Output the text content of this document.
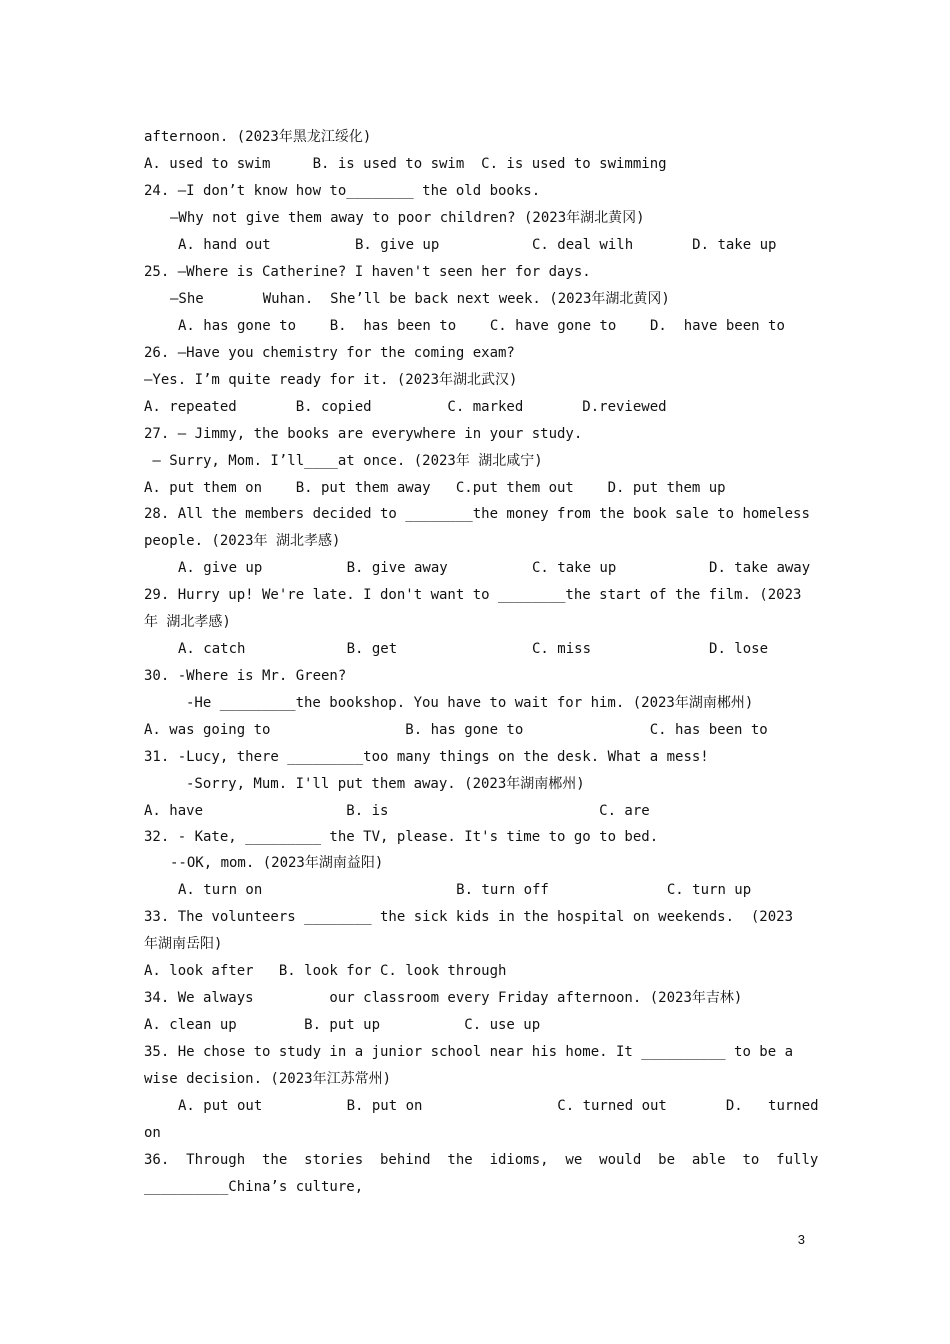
afternoon. (2023年黑龙江绥化)
A. used to swim     B. is used to swim  C. is used to swimming
24. —I don’t know how to________ the old books.
—Why not give them away to poor children? (2023年湖北黄冈)
A. hand out          B. give up           C. deal wilh       D. take up
25. —Where is Catherine? I haven't seen her for days.
—She       Wuhan.  She’ll be back next week. (2023年湖北黄冈)
A. has gone to    B.  has been to    C. have gone to    D.  have been to
26. —Have you chemistry for the coming exam?
—Yes. I’m quite ready for it. (2023年湖北武汉)
A. repeated       B. copied         C. marked       D.reviewed
27. — Jimmy, the books are everywhere in your study.
— Surry, Mom. I’ll____at once. (2023年 湖北咸宁)
A. put them on    B. put them away   C.put them out    D. put them up
28. All the members decided to ________the money from the book sale to homeless
people. (2023年 湖北孝感)
A. give up          B. give away          C. take up           D. take away
29. Hurry up! We're late. I don't want to ________the start of the film. (2023
年 湖北孝感)
A. catch            B. get                C. miss              D. lose
30. -Where is Mr. Green?
-He _________the bookshop. You have to wait for him. (2023年湖南郴州)
A. was going to                B. has gone to               C. has been to
31. -Lucy, there _________too many things on the desk. What a mess!
-Sorry, Mum. I'll put them away. (2023年湖南郴州)
A. have                 B. is                         C. are
32. - Kate, _________ the TV, please. It's time to go to bed.
--OK, mom. (2023年湖南益阳)
A. turn on                       B. turn off              C. turn up
33. The volunteers ________ the sick kids in the hospital on weekends.  (2023
年湖南岳阳)
A. look after   B. look for C. look through
34. We always         our classroom every Friday afternoon. (2023年吉林)
A. clean up        B. put up          C. use up
35. He chose to study in a junior school near his home. It __________ to be a
wise decision. (2023年江苏常州)
A. put out          B. put on                C. turned out       D.   turned
on
36.  Through  the  stories  behind  the  idioms,  we  would  be  able  to  fully
__________China’s culture,
3
